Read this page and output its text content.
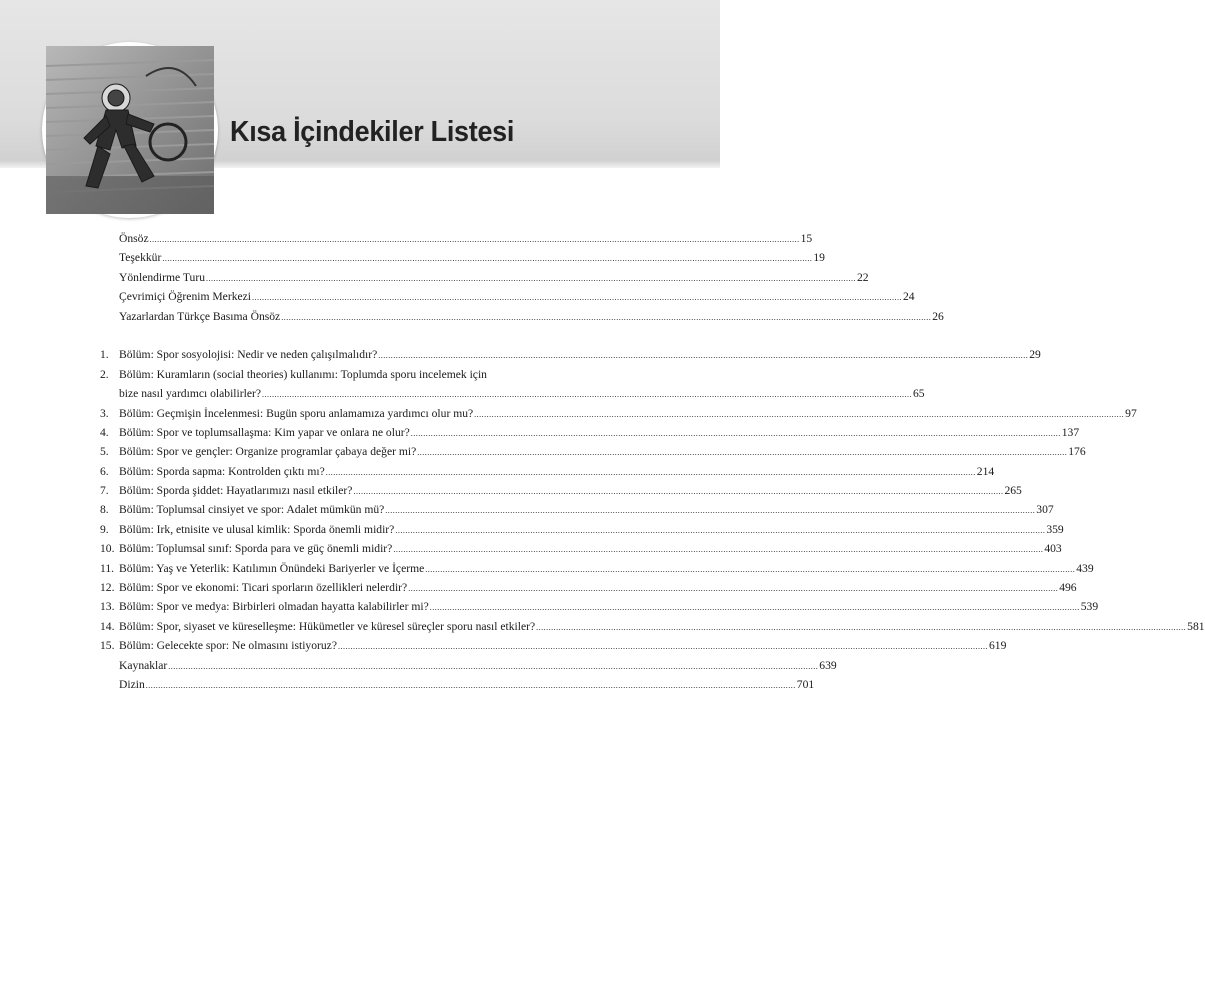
Kısa İçindekiler Listesi
Önsöz .................................................................................................................................................................................................................................................................... 15
Teşekkür .................................................................................................................................................................................................................................................................... 19
Yönlendirme Turu .................................................................................................................................................................................................................................................................... 22
Çevrimiçi Öğrenim Merkezi .................................................................................................................................................................................................................................................................... 24
Yazarlardan Türkçe Basıma Önsöz .................................................................................................................................................................................................................................................................... 26
1. Bölüm: Spor sosyolojisi: Nedir ve neden çalışılmalıdır? .................................................................................................................................................................................................................................................................... 29
2. Bölüm: Kuramların (social theories) kullanımı: Toplumda sporu incelemek için
bize nasıl yardımcı olabilirler? .................................................................................................................................................................................................................................................................... 65
3. Bölüm: Geçmişin İncelenmesi: Bugün sporu anlamamıza yardımcı olur mu? .................................................................................................................................................................................................................................................................... 97
4. Bölüm: Spor ve toplumsallaşma: Kim yapar ve onlara ne olur? .................................................................................................................................................................................................................................................................... 137
5. Bölüm: Spor ve gençler: Organize programlar çabaya değer mi? .................................................................................................................................................................................................................................................................... 176
6. Bölüm: Sporda sapma: Kontrolden çıktı mı? .................................................................................................................................................................................................................................................................... 214
7. Bölüm: Sporda şiddet: Hayatlarımızı nasıl etkiler? .................................................................................................................................................................................................................................................................... 265
8. Bölüm: Toplumsal cinsiyet ve spor: Adalet mümkün mü? .................................................................................................................................................................................................................................................................... 307
9. Bölüm: Irk, etnisite ve ulusal kimlik: Sporda önemli midir? .................................................................................................................................................................................................................................................................... 359
10. Bölüm: Toplumsal sınıf: Sporda para ve güç önemli midir? .................................................................................................................................................................................................................................................................... 403
11. Bölüm: Yaş ve Yeterlik: Katılımın Önündeki Bariyerler ve İçerme .................................................................................................................................................................................................................................................................... 439
12. Bölüm: Spor ve ekonomi: Ticari sporların özellikleri nelerdir? .................................................................................................................................................................................................................................................................... 496
13. Bölüm: Spor ve medya: Birbirleri olmadan hayatta kalabilirler mi? .................................................................................................................................................................................................................................................................... 539
14. Bölüm: Spor, siyaset ve küreselleşme: Hükümetler ve küresel süreçler sporu nasıl etkiler? .................................................................................................................................................................................................................................................................... 581
15. Bölüm: Gelecekte spor: Ne olmasını istiyoruz? .................................................................................................................................................................................................................................................................... 619
Kaynaklar .................................................................................................................................................................................................................................................................... 639
Dizin .................................................................................................................................................................................................................................................................... 701
